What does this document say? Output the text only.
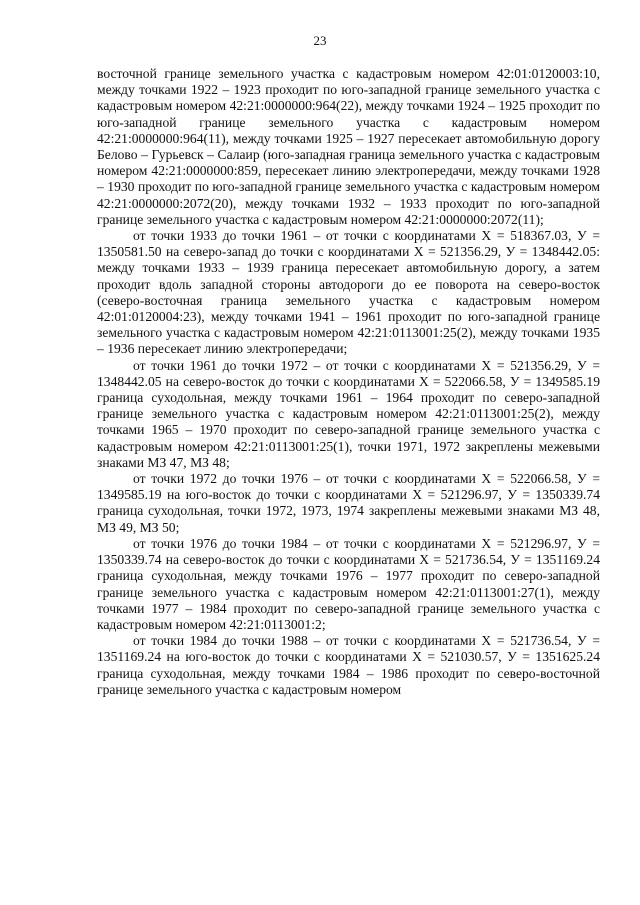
23

восточной границе земельного участка с кадастровым номером 42:01:0120003:10, между точками 1922 – 1923 проходит по юго-западной границе земельного участка с кадастровым номером 42:21:0000000:964(22), между точками 1924 – 1925 проходит по юго-западной границе земельного участка с кадастровым номером 42:21:0000000:964(11), между точками 1925 – 1927 пересекает автомобильную дорогу Белово – Гурьевск – Салаир (юго-западная граница земельного участка с кадастровым номером 42:21:0000000:859, пересекает линию электропередачи, между точками 1928 – 1930 проходит по юго-западной границе земельного участка с кадастровым номером 42:21:0000000:2072(20), между точками 1932 – 1933 проходит по юго-западной границе земельного участка с кадастровым номером 42:21:0000000:2072(11);

от точки 1933 до точки 1961 – от точки с координатами Х = 518367.03, У = 1350581.50 на северо-запад до точки с координатами Х = 521356.29, У = 1348442.05: между точками 1933 – 1939 граница пересекает автомобильную дорогу, а затем проходит вдоль западной стороны автодороги до ее поворота на северо-восток (северо-восточная граница земельного участка с кадастровым номером 42:01:0120004:23), между точками 1941 – 1961 проходит по юго-западной границе земельного участка с кадастровым номером 42:21:0113001:25(2), между точками 1935 – 1936 пересекает линию электропередачи;

от точки 1961 до точки 1972 – от точки с координатами Х = 521356.29, У = 1348442.05 на северо-восток до точки с координатами Х = 522066.58, У = 1349585.19 граница суходольная, между точками 1961 – 1964 проходит по северо-западной границе земельного участка с кадастровым номером 42:21:0113001:25(2), между точками 1965 – 1970 проходит по северо-западной границе земельного участка с кадастровым номером 42:21:0113001:25(1), точки 1971, 1972 закреплены межевыми знаками МЗ 47, МЗ 48;

от точки 1972 до точки 1976 – от точки с координатами Х = 522066.58, У = 1349585.19 на юго-восток до точки с координатами Х = 521296.97, У = 1350339.74 граница суходольная, точки 1972, 1973, 1974 закреплены межевыми знаками МЗ 48, МЗ 49, МЗ 50;

от точки 1976 до точки 1984 – от точки с координатами Х = 521296.97, У = 1350339.74 на северо-восток до точки с координатами Х = 521736.54, У = 1351169.24 граница суходольная, между точками 1976 – 1977 проходит по северо-западной границе земельного участка с кадастровым номером 42:21:0113001:27(1), между точками 1977 – 1984 проходит по северо-западной границе земельного участка с кадастровым номером 42:21:0113001:2;

от точки 1984 до точки 1988 – от точки с координатами Х = 521736.54, У = 1351169.24 на юго-восток до точки с координатами Х = 521030.57, У = 1351625.24 граница суходольная, между точками 1984 – 1986 проходит по северо-восточной границе земельного участка с кадастровым номером
